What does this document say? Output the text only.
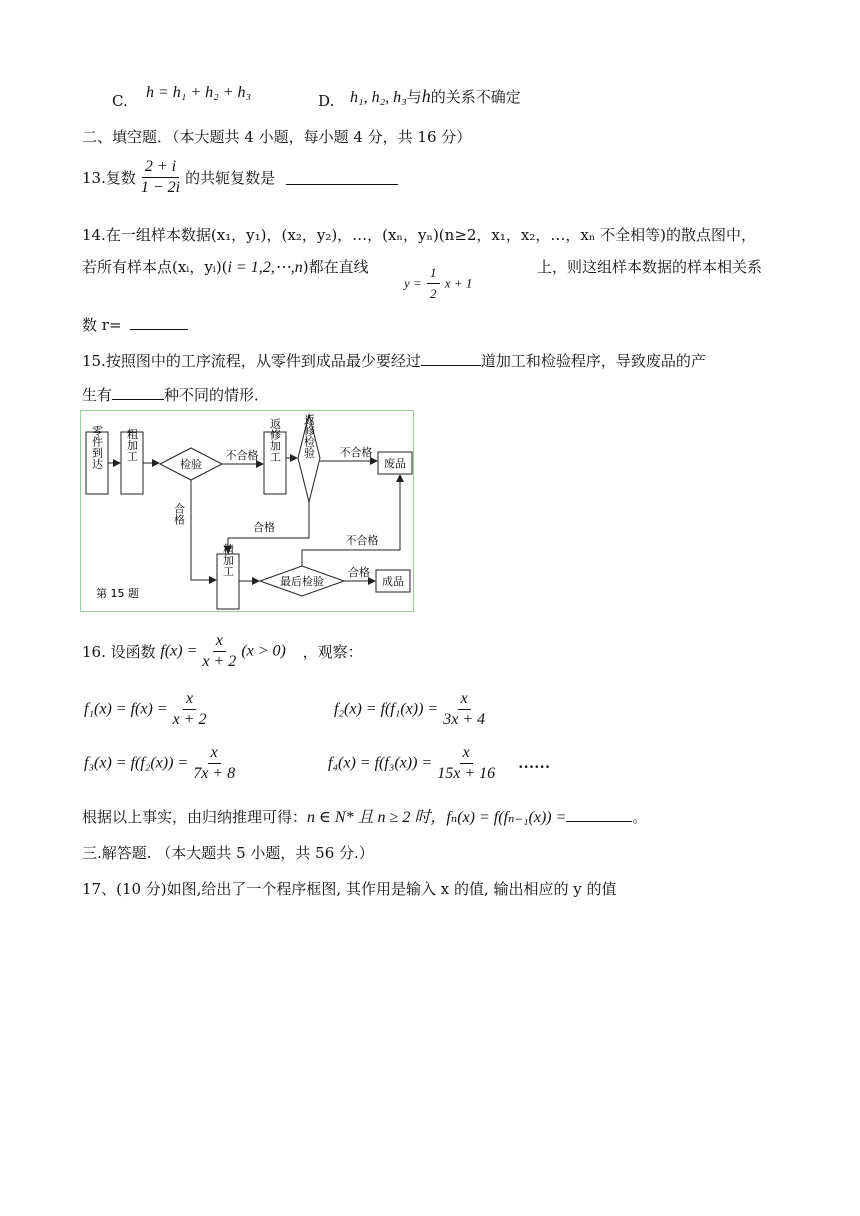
C. h = h₁ + h₂ + h₃	D. h₁, h₂, h₃与h的关系不确定
二、填空题．（本大题共 4 小题，每小题 4 分，共 16 分）
13.复数 $\frac{2 + i}{1 - 2i}$ 的共轭复数是
14.在一组样本数据(x₁，y₁)，(x₂，y₂)，…，(xₙ，yₙ)(n≥2，x₁，x₂，…，xₙ 不全相等)的散点图中，
若所有样本点(xᵢ，yᵢ)(i = 1,2,⋯,n)都在直线
$y = \frac{1}{2}$ x + 1
上，则这组样本数据的样本相关系
数 r=
15.按照图中的工序流程，从零件到成品最少要经过	道加工和检验程序，导致废品的产
生有	种不同的情形．
零件到达 粗加工
检验
返修加工 返修检验
废品
精加工
最后检验	成品
不合格	不合格
合格
合格
不合格
合格
第 15 题
16. 设函数 $f(x) = \frac{x}{x + 2} (x > 0)$ ，观察：
$f_1(x) = f(x) = \frac{x}{x + 2}$	$f_2(x) = f(f_1(x)) = \frac{x}{3x + 4}$
$f_3(x) = f(f_2(x)) = \frac{x}{7x + 8}$	$f_4(x) = f(f_3(x)) = \frac{x}{15x + 16}$ ……
根据以上事实，由归纳推理可得：n ∈ N* 且 n ≥ 2 时，fₙ(x) = f(fₙ₋₁(x)) =	。
三.解答题. （本大题共 5 小题，共 56 分.）
17、(10 分)如图,给出了一个程序框图, 其作用是输入 x 的值, 输出相应的 y 的值
